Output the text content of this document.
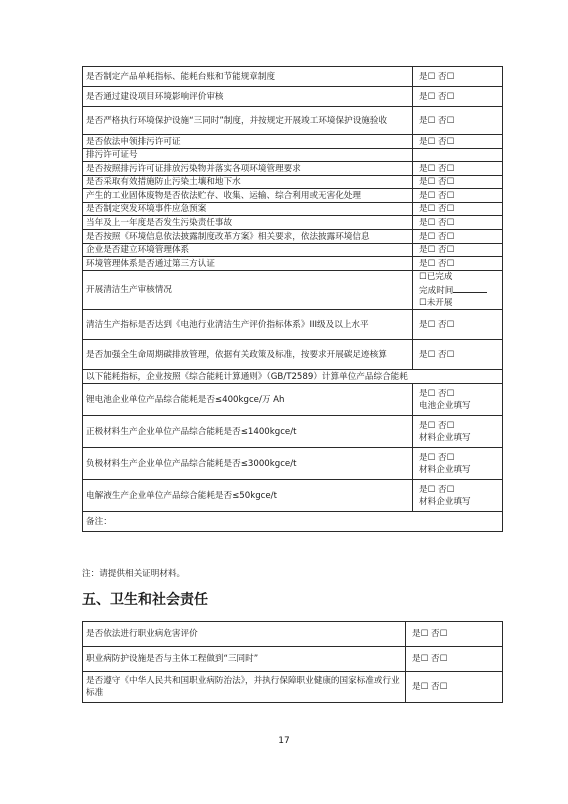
是否制定产品单耗指标、能耗台账和节能规章制度	是☐ 否☐

是否通过建设项目环境影响评价审核	是☐ 否☐

是否严格执行环境保护设施“三同时”制度，并按规定开展竣工环境保护设施验收	是☐ 否☐

是否依法申领排污许可证	是☐ 否☐

排污许可证号	

是否按照排污许可证排放污染物并落实各项环境管理要求	是☐ 否☐

是否采取有效措施防止污染土壤和地下水	是☐ 否☐

产生的工业固体废物是否依法贮存、收集、运输、综合利用或无害化处理	是☐ 否☐

是否制定突发环境事件应急预案	是☐ 否☐

当年及上一年度是否发生污染责任事故	是☐ 否☐

是否按照《环境信息依法披露制度改革方案》相关要求，依法披露环境信息	是☐ 否☐

企业是否建立环境管理体系	是☐ 否☐

环境管理体系是否通过第三方认证	是☐ 否☐

开展清洁生产审核情况	☐已完成
完成时间

☐未开展

清洁生产指标是否达到《电池行业清洁生产评价指标体系》III级及以上水平	是☐ 否☐

是否加强全生命周期碳排放管理，依据有关政策及标准，按要求开展碳足迹核算	是☐ 否☐

以下能耗指标，企业按照《综合能耗计算通则》（GB/T2589）计算单位产品综合能耗	
锂电池企业单位产品综合能耗是否≤400kgce/万 Ah	是☐ 否☐
电池企业填写

正极材料生产企业单位产品综合能耗是否≤1400kgce/t	是☐ 否☐
材料企业填写

负极材料生产企业单位产品综合能耗是否≤3000kgce/t	是☐ 否☐
材料企业填写

电解液生产企业单位产品综合能耗是否≤50kgce/t	是☐ 否☐
材料企业填写

备注：	
注：请提供相关证明材料。
五、卫生和社会责任
是否依法进行职业病危害评价	是☐ 否☐

职业病防护设施是否与主体工程做到“三同时”	是☐ 否☐

是否遵守《中华人民共和国职业病防治法》，并执行保障职业健康的国家标准或行业标准	是☐ 否☐
17
